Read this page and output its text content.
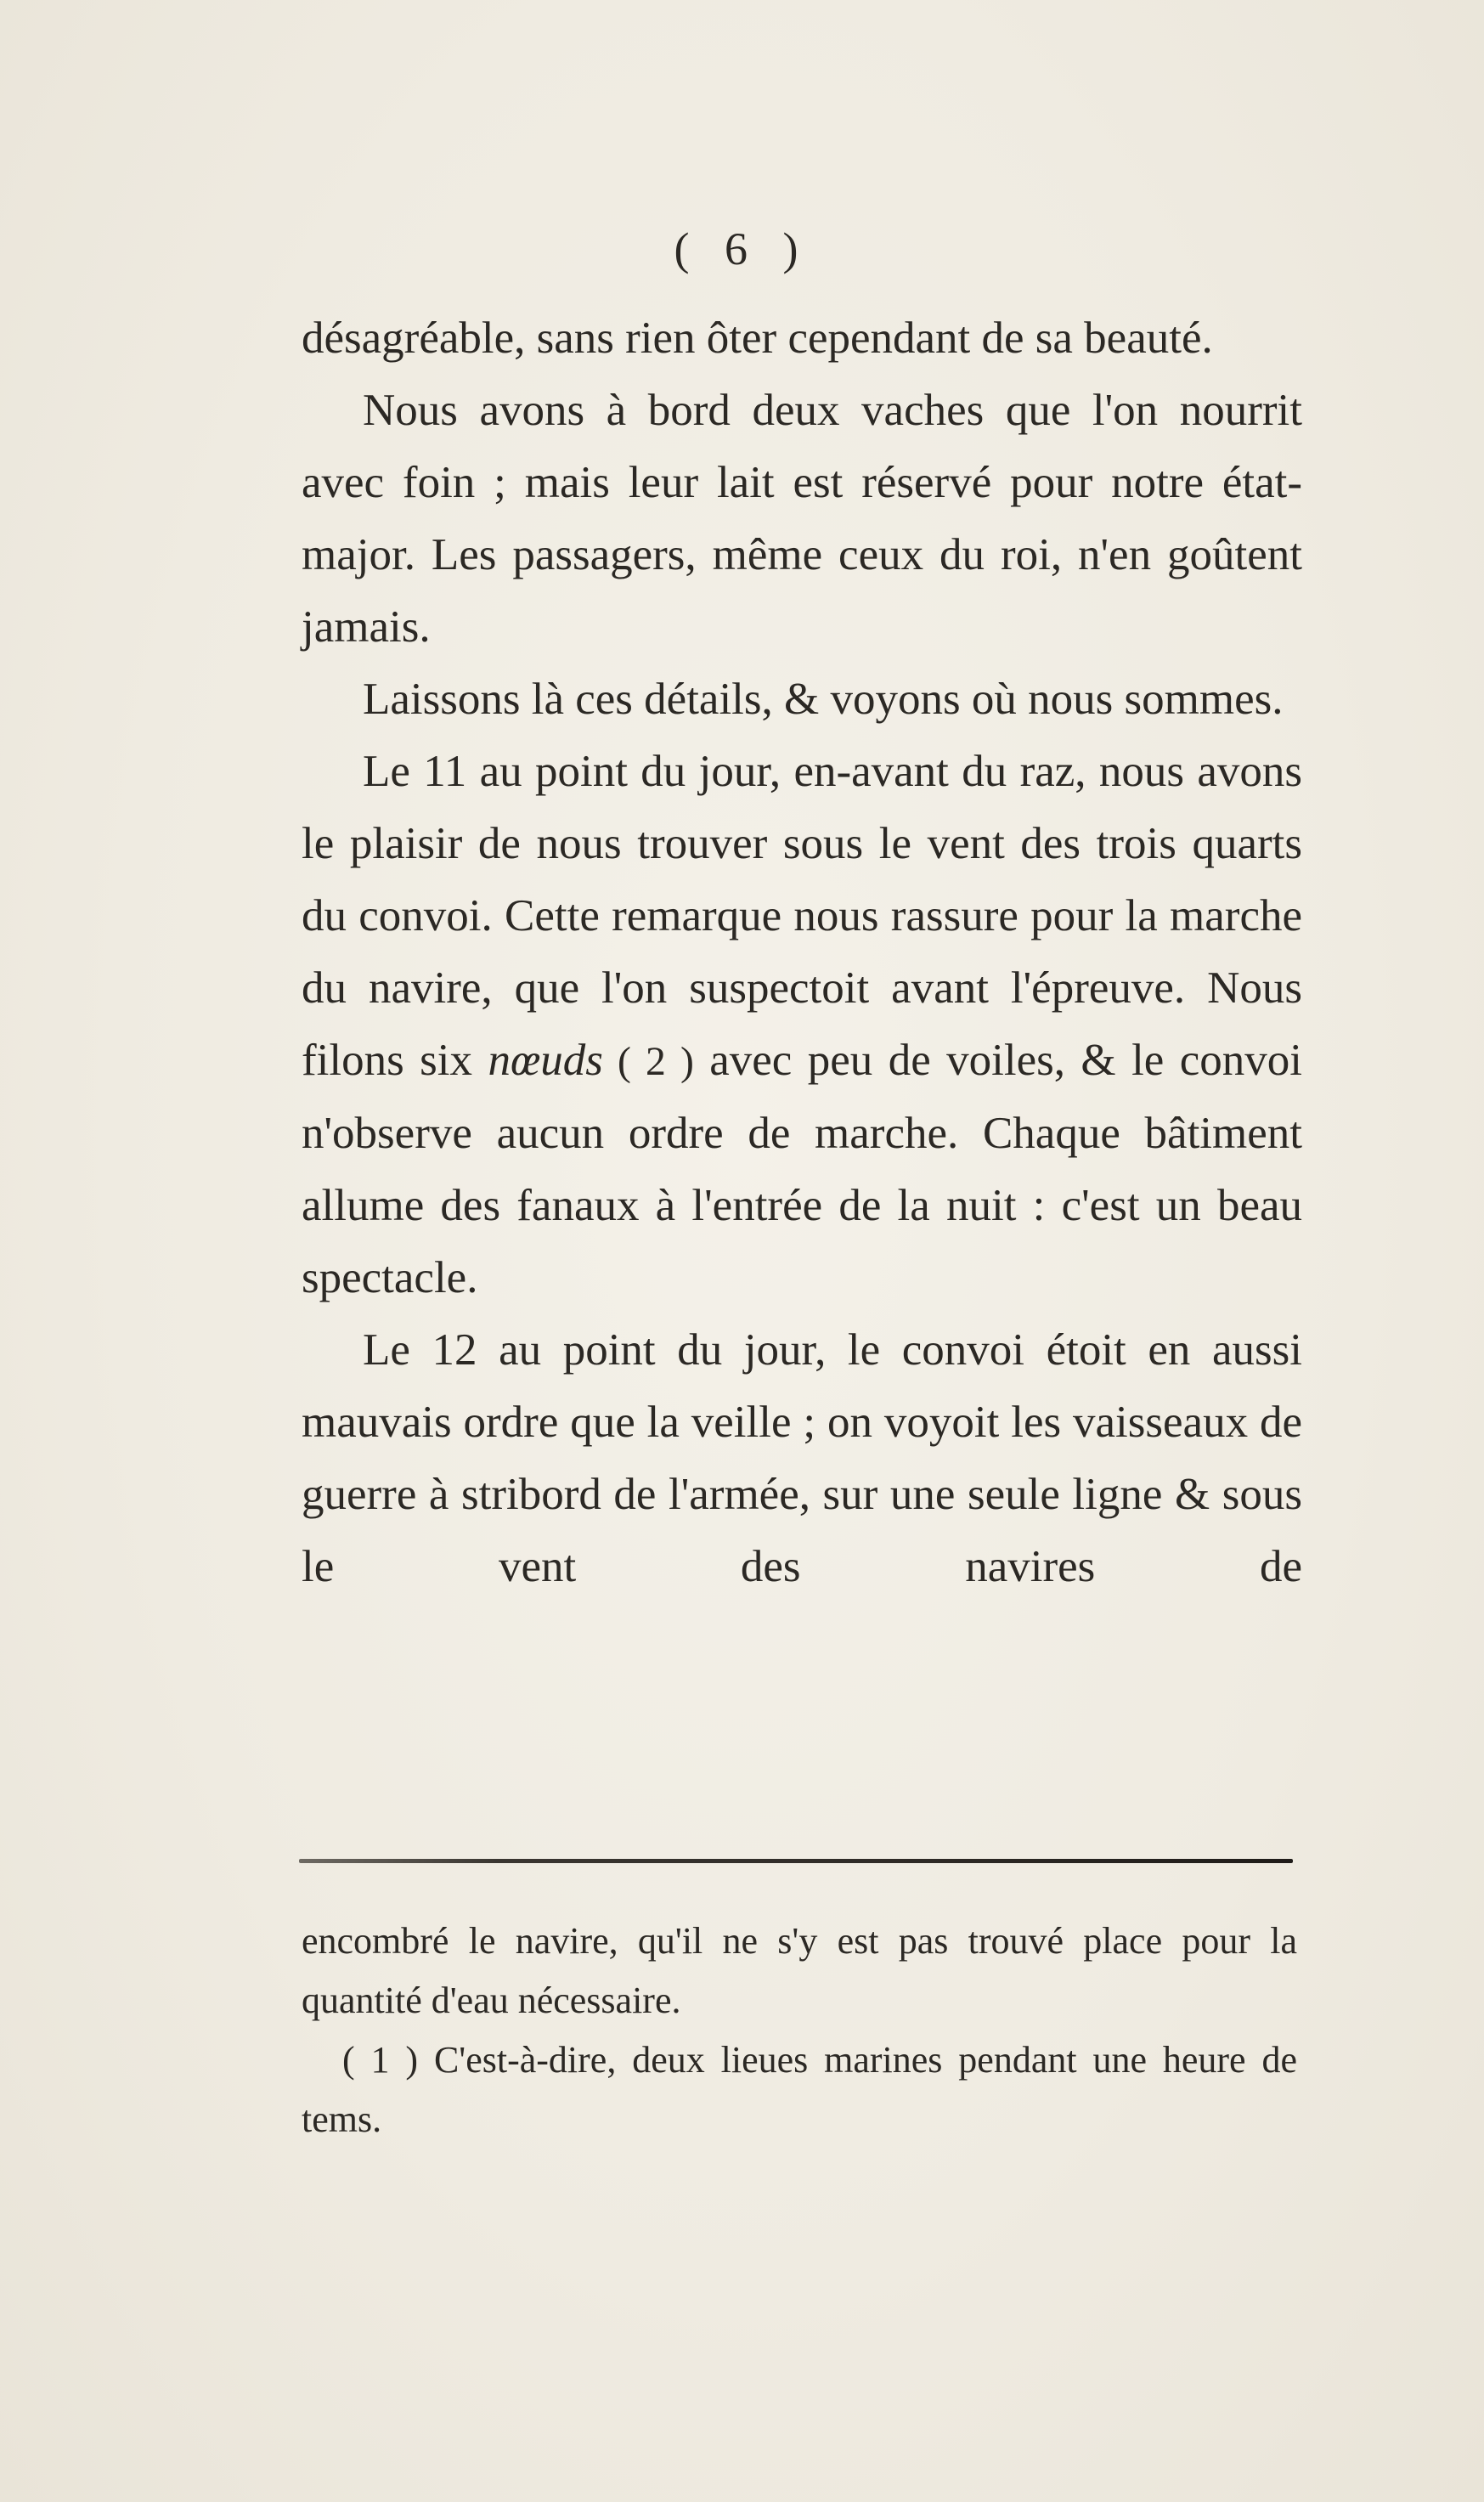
( 6 )

désagréable, sans rien ôter cependant de sa beauté.

Nous avons à bord deux vaches que l'on nourrit avec foin ; mais leur lait est réservé pour notre état-major. Les passagers, même ceux du roi, n'en goûtent jamais.

Laissons là ces détails, & voyons où nous sommes.

Le 11 au point du jour, en-avant du raz, nous avons le plaisir de nous trouver sous le vent des trois quarts du convoi. Cette remarque nous rassure pour la marche du navire, que l'on suspectoit avant l'épreuve. Nous filons six nœuds ( 2 ) avec peu de voiles, & le convoi n'observe aucun ordre de marche. Chaque bâtiment allume des fanaux à l'entrée de la nuit : c'est un beau spectacle.

Le 12 au point du jour, le convoi étoit en aussi mauvais ordre que la veille ; on voyoit les vaisseaux de guerre à stribord de l'armée, sur une seule ligne & sous le vent des navires de

encombré le navire, qu'il ne s'y est pas trouvé place pour la quantité d'eau nécessaire.

( 1 ) C'est-à-dire, deux lieues marines pendant une heure de tems.
